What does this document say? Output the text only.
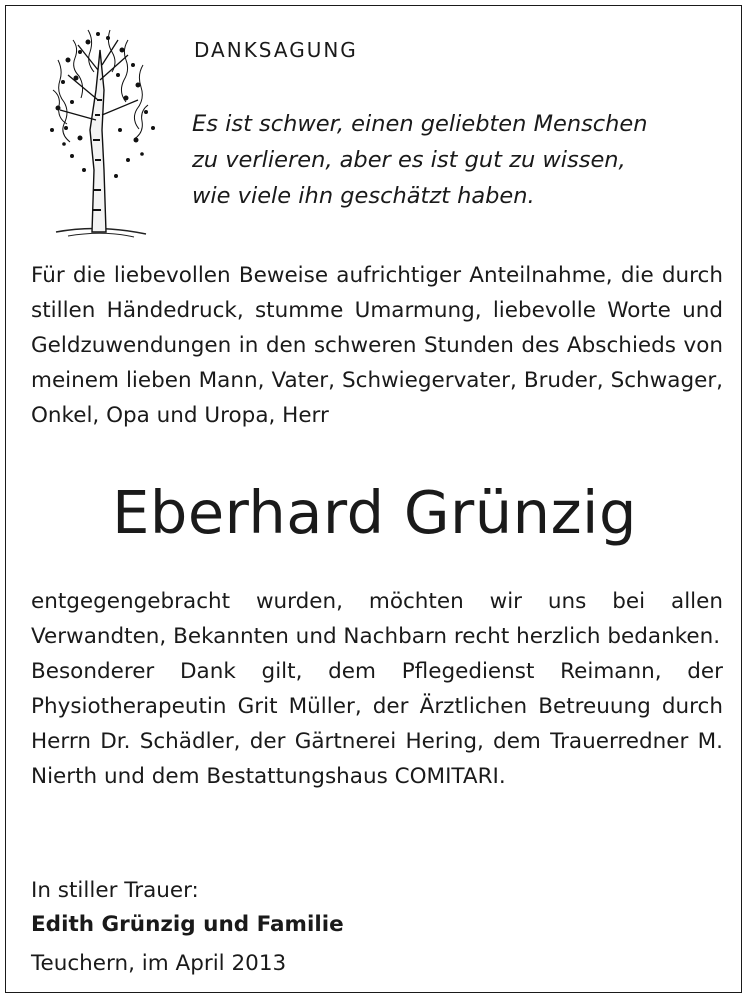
DANKSAGUNG
Es ist schwer, einen geliebten Menschen
zu verlieren, aber es ist gut zu wissen,
wie viele ihn geschätzt haben.
Für die liebevollen Beweise aufrichtiger Anteilnahme, die durch stillen Händedruck, stumme Umarmung, liebevolle Worte und Geldzuwendungen in den schweren Stunden des Abschieds von meinem lieben Mann, Vater, Schwiegervater, Bruder, Schwager, Onkel, Opa und Uropa, Herr
Eberhard Grünzig

entgegengebracht wurden, möchten wir uns bei allen Verwandten, Bekannten und Nachbarn recht herzlich bedanken.

Besonderer Dank gilt, dem Pflegedienst Reimann, der Physiotherapeutin Grit Müller, der Ärztlichen Betreuung durch Herrn Dr. Schädler, der Gärtnerei Hering, dem Trauerredner M. Nierth und dem Bestattungshaus COMITARI.

In stiller Trauer:
Edith Grünzig und Familie
Teuchern, im April 2013
